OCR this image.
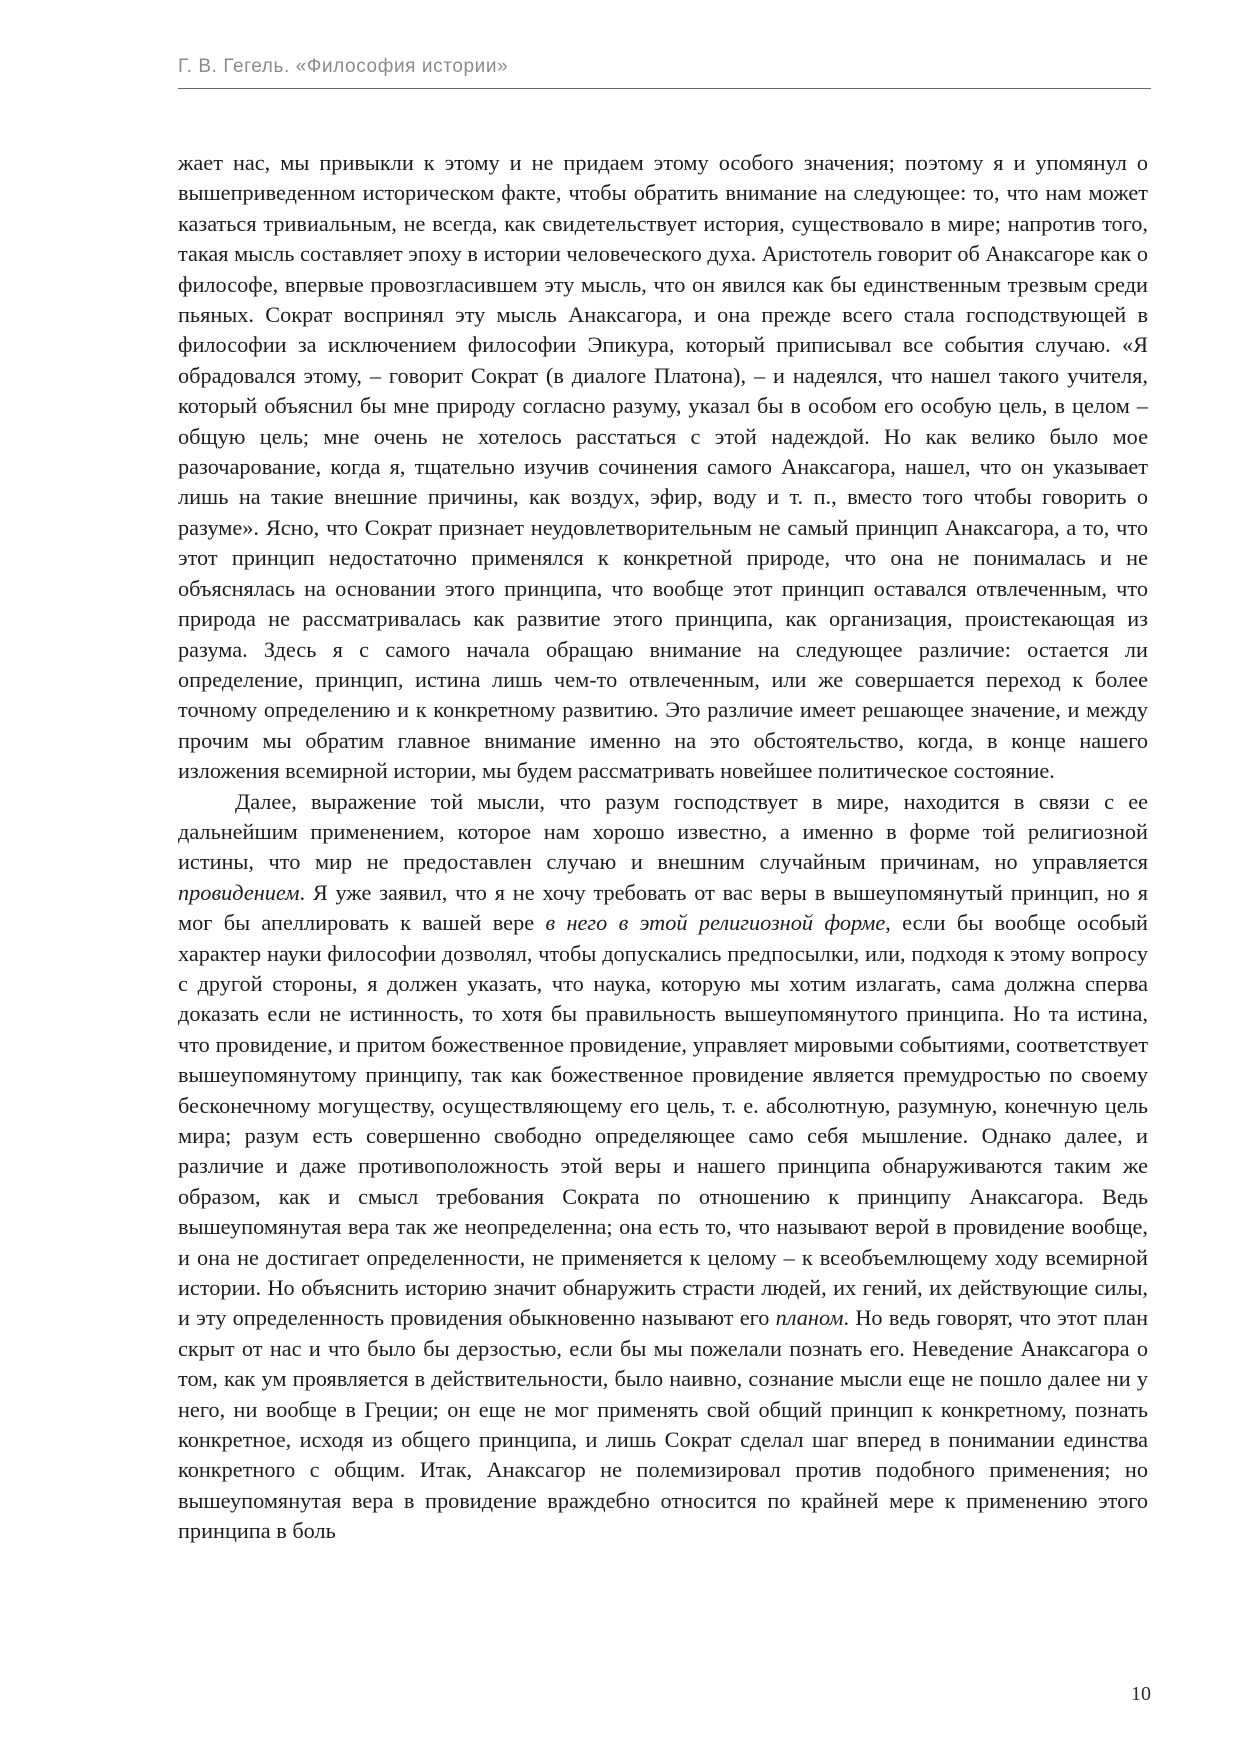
Г. В. Гегель. «Философия истории»

жает нас, мы привыкли к этому и не придаем этому особого значения; поэтому я и упомянул о вышеприведенном историческом факте, чтобы обратить внимание на следующее: то, что нам может казаться тривиальным, не всегда, как свидетельствует история, существовало в мире; напротив того, такая мысль составляет эпоху в истории человеческого духа. Аристотель говорит об Анаксагоре как о философе, впервые провозгласившем эту мысль, что он явился как бы единственным трезвым среди пьяных. Сократ воспринял эту мысль Анаксагора, и она прежде всего стала господствующей в философии за исключением философии Эпикура, который приписывал все события случаю. «Я обрадовался этому, – говорит Сократ (в диалоге Платона), – и надеялся, что нашел такого учителя, который объяснил бы мне природу согласно разуму, указал бы в особом его особую цель, в целом – общую цель; мне очень не хотелось расстаться с этой надеждой. Но как велико было мое разочарование, когда я, тщательно изучив сочинения самого Анаксагора, нашел, что он указывает лишь на такие внешние причины, как воздух, эфир, воду и т. п., вместо того чтобы говорить о разуме». Ясно, что Сократ признает неудовлетворительным не самый принцип Анаксагора, а то, что этот принцип недостаточно применялся к конкретной природе, что она не понималась и не объяснялась на основании этого принципа, что вообще этот принцип оставался отвлеченным, что природа не рассматривалась как развитие этого принципа, как организация, проистекающая из разума. Здесь я с самого начала обращаю внимание на следующее различие: остается ли определение, принцип, истина лишь чем-то отвлеченным, или же совершается переход к более точному определению и к конкретному развитию. Это различие имеет решающее значение, и между прочим мы обратим главное внимание именно на это обстоятельство, когда, в конце нашего изложения всемирной истории, мы будем рассматривать новейшее политическое состояние.

Далее, выражение той мысли, что разум господствует в мире, находится в связи с ее дальнейшим применением, которое нам хорошо известно, а именно в форме той религиозной истины, что мир не предоставлен случаю и внешним случайным причинам, но управляется провидением. Я уже заявил, что я не хочу требовать от вас веры в вышеупомянутый принцип, но я мог бы апеллировать к вашей вере в него в этой религиозной форме, если бы вообще особый характер науки философии дозволял, чтобы допускались предпосылки, или, подходя к этому вопросу с другой стороны, я должен указать, что наука, которую мы хотим излагать, сама должна сперва доказать если не истинность, то хотя бы правильность вышеупомянутого принципа. Но та истина, что провидение, и притом божественное провидение, управляет мировыми событиями, соответствует вышеупомянутому принципу, так как божественное провидение является премудростью по своему бесконечному могуществу, осуществляющему его цель, т. е. абсолютную, разумную, конечную цель мира; разум есть совершенно свободно определяющее само себя мышление. Однако далее, и различие и даже противоположность этой веры и нашего принципа обнаруживаются таким же образом, как и смысл требования Сократа по отношению к принципу Анаксагора. Ведь вышеупомянутая вера так же неопределенна; она есть то, что называют верой в провидение вообще, и она не достигает определенности, не применяется к целому – к всеобъемлющему ходу всемирной истории. Но объяснить историю значит обнаружить страсти людей, их гений, их действующие силы, и эту определенность провидения обыкновенно называют его планом. Но ведь говорят, что этот план скрыт от нас и что было бы дерзостью, если бы мы пожелали познать его. Неведение Анаксагора о том, как ум проявляется в действительности, было наивно, сознание мысли еще не пошло далее ни у него, ни вообще в Греции; он еще не мог применять свой общий принцип к конкретному, познать конкретное, исходя из общего принципа, и лишь Сократ сделал шаг вперед в понимании единства конкретного с общим. Итак, Анаксагор не полемизировал против подобного применения; но вышеупомянутая вера в провидение враждебно относится по крайней мере к применению этого принципа в боль

10
